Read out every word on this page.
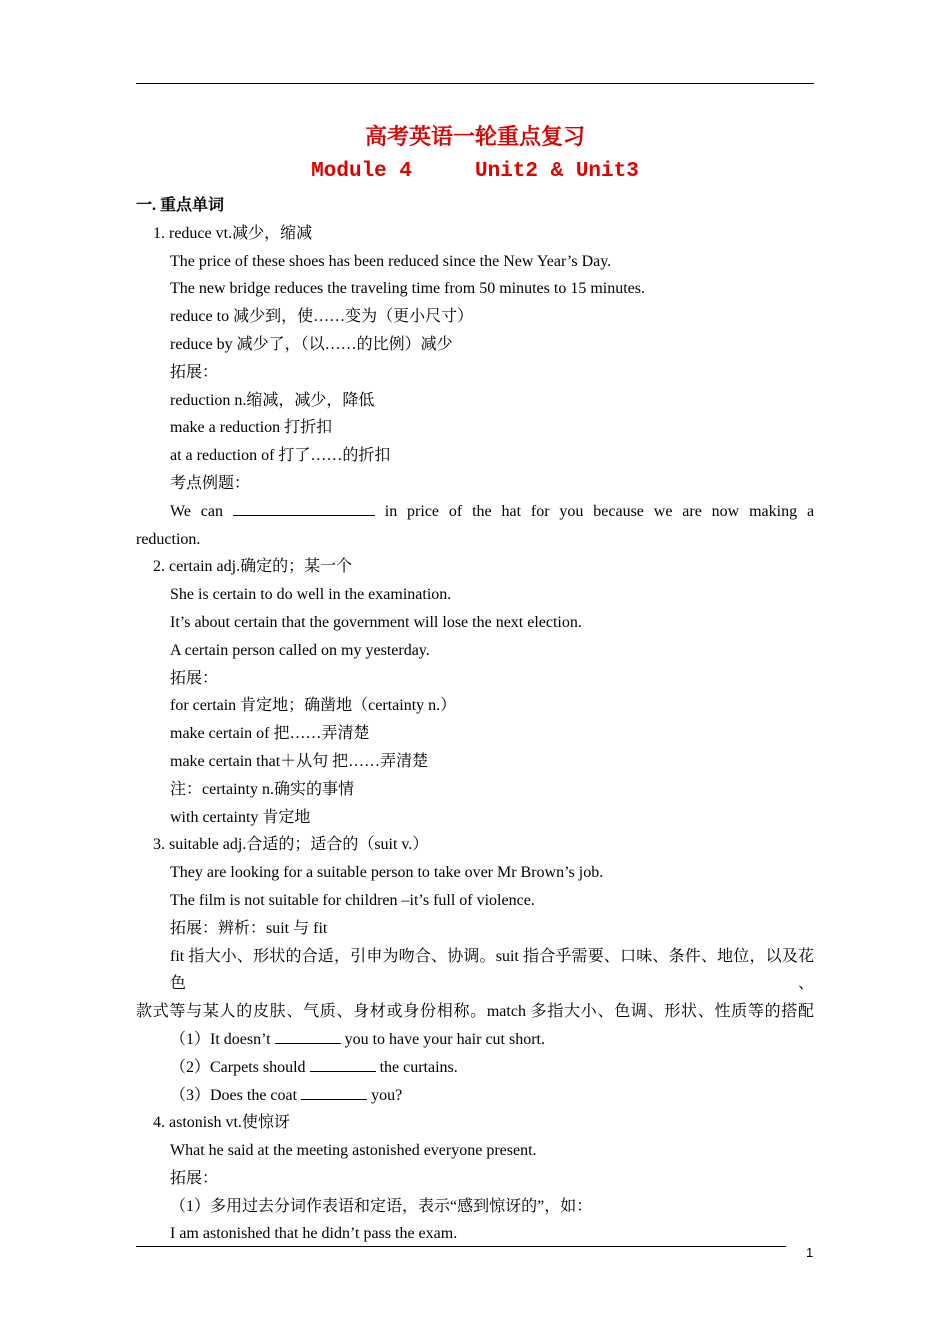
高考英语一轮重点复习
Module 4     Unit2 & Unit3

一. 重点单词

1. reduce vt.减少，缩减

The price of these shoes has been reduced since the New Year’s Day.

The new bridge reduces the traveling time from 50 minutes to 15 minutes.

reduce to 减少到，使……变为（更小尺寸）

reduce by 减少了，（以……的比例）减少

拓展：

reduction n.缩减，减少，降低

make a reduction 打折扣

at a reduction of 打了……的折扣

考点例题：

We can	in price of the hat for you because we are now making a

reduction.

2. certain adj.确定的；某一个

She is certain to do well in the examination.

It’s about certain that the government will lose the next election.

A certain person called on my yesterday.

拓展：

for certain 肯定地；确凿地（certainty n.）

make certain of 把……弄清楚

make certain that＋从句 把……弄清楚

注：certainty n.确实的事情

with certainty 肯定地

3. suitable adj.合适的；适合的（suit v.）

They are looking for a suitable person to take over Mr Brown’s job.

The film is not suitable for children –it’s full of violence.

拓展：辨析：suit 与 fit

fit 指大小、形状的合适，引申为吻合、协调。suit 指合乎需要、口味、条件、地位，以及花色、

款式等与某人的皮肤、气质、身材或身份相称。match 多指大小、色调、形状、性质等的搭配

（1）It doesn’t	you to have your hair cut short.

（2）Carpets should	the curtains.

（3）Does the coat	you?

4. astonish vt.使惊讶

What he said at the meeting astonished everyone present.

拓展：

（1）多用过去分词作表语和定语，表示“感到惊讶的”，如：

I am astonished that he didn’t pass the exam.

1
